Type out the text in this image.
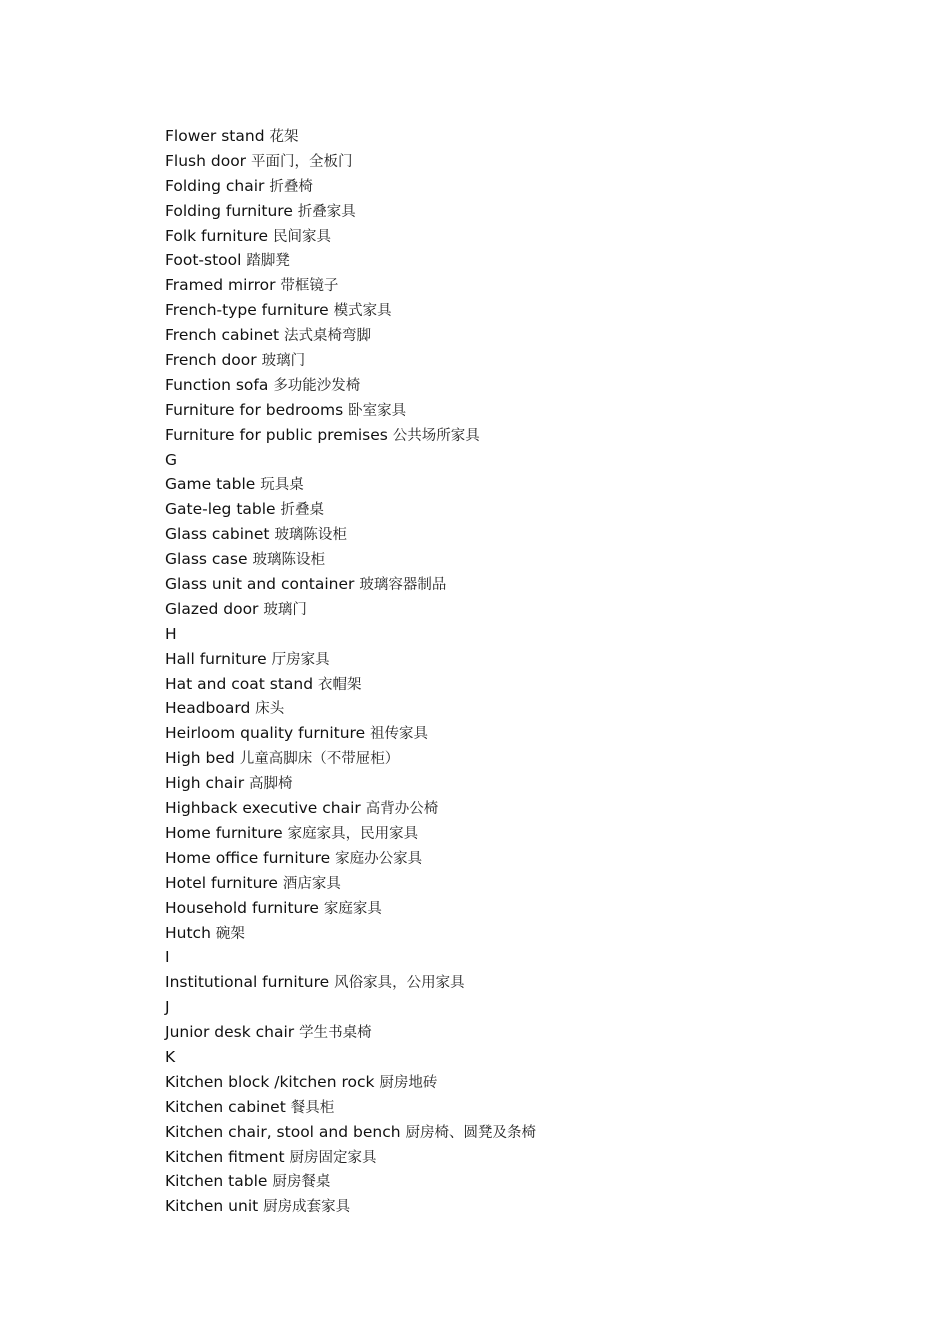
Flower stand 花架
Flush door 平面门，全板门
Folding chair 折叠椅
Folding furniture 折叠家具
Folk furniture 民间家具
Foot-stool 踏脚凳
Framed mirror 带框镜子
French-type furniture 模式家具
French cabinet 法式桌椅弯脚
French door 玻璃门
Function sofa 多功能沙发椅
Furniture for bedrooms 卧室家具
Furniture for public premises 公共场所家具
G
Game table 玩具桌
Gate-leg table 折叠桌
Glass cabinet 玻璃陈设柜
Glass case 玻璃陈设柜
Glass unit and container 玻璃容器制品
Glazed door 玻璃门
H
Hall furniture 厅房家具
Hat and coat stand 衣帽架
Headboard 床头
Heirloom quality furniture 祖传家具
High bed 儿童高脚床（不带屉柜）
High chair 高脚椅
Highback executive chair 高背办公椅
Home furniture 家庭家具，民用家具
Home office furniture 家庭办公家具
Hotel furniture 酒店家具
Household furniture 家庭家具
Hutch 碗架
I
Institutional furniture 风俗家具，公用家具
J
Junior desk chair 学生书桌椅
K
Kitchen block /kitchen rock 厨房地砖
Kitchen cabinet 餐具柜
Kitchen chair, stool and bench 厨房椅、圆凳及条椅
Kitchen fitment 厨房固定家具
Kitchen table 厨房餐桌
Kitchen unit 厨房成套家具
